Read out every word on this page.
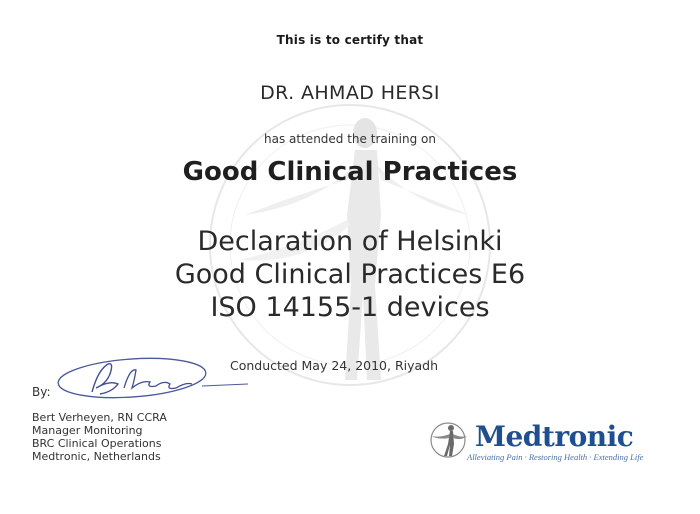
This is to certify that
DR. AHMAD HERSI
has attended the training on
Good Clinical Practices
Declaration of Helsinki
Good Clinical Practices E6
ISO 14155-1 devices
Conducted May 24, 2010, Riyadh
By:
Bert Verheyen, RN CCRA
Manager Monitoring
BRC Clinical Operations
Medtronic, Netherlands
Medtronic
Alleviating Pain · Restoring Health · Extending Life
